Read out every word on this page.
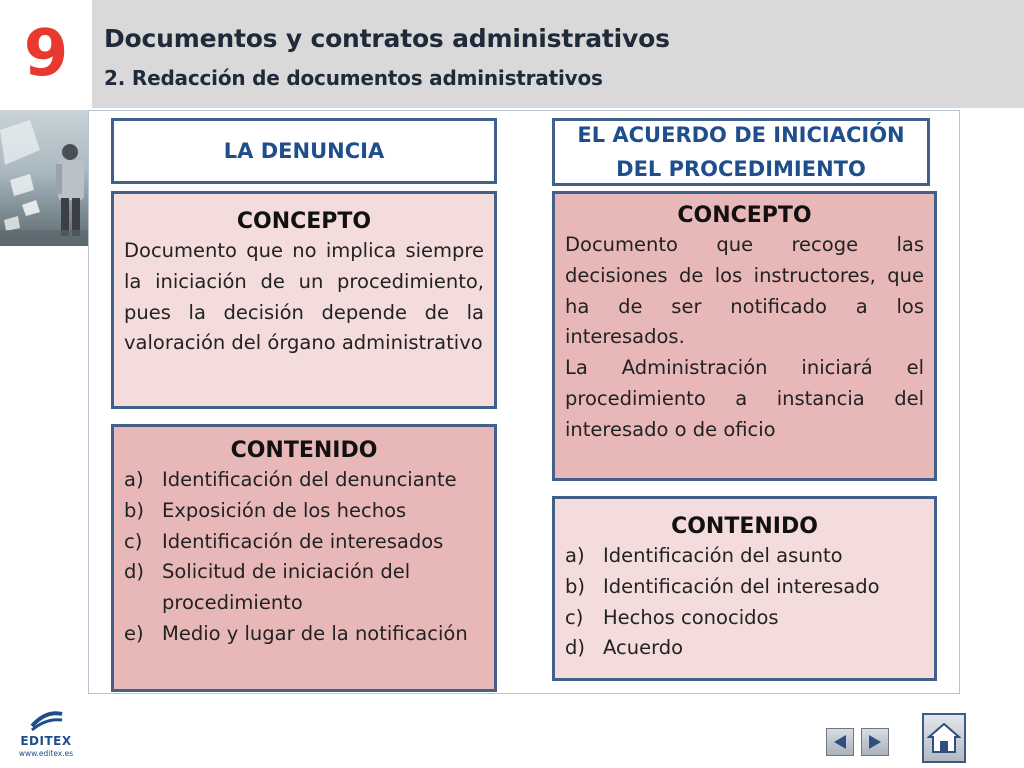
9	Documentos y contratos administrativos
2. Redacción de documentos administrativos
LA DENUNCIA
CONCEPTO
Documento que no implica siempre la iniciación de un procedimiento, pues la decisión depende de la valoración del órgano administrativo
CONTENIDO
a) Identificación del denunciante
b) Exposición de los hechos
c)	Identificación de interesados
d) Solicitud de iniciación del procedimiento
e) Medio y lugar de la notificación
EL ACUERDO DE INICIACIÓN
DEL PROCEDIMIENTO
CONCEPTO
Documento que recoge las decisiones de los instructores, que ha de ser notificado a los interesados.
La Administración iniciará el procedimiento a instancia del interesado o de oficio
CONTENIDO
a) Identificación del asunto
b) Identificación del interesado
c)	Hechos conocidos
d) Acuerdo
EDITEX
www.editex.es
